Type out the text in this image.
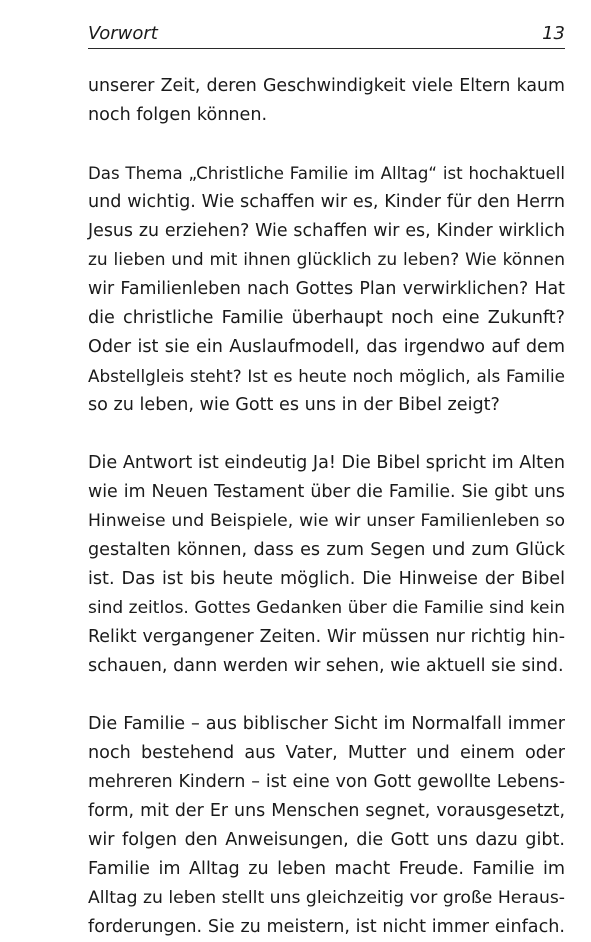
Vorwort	13
unserer Zeit, deren Geschwindigkeit viele Eltern kaum
noch folgen können.
Das Thema „Christliche Familie im Alltag“ ist hochaktuell
und wichtig. Wie schaffen wir es, Kinder für den Herrn
Jesus zu erziehen? Wie schaffen wir es, Kinder wirklich
zu lieben und mit ihnen glücklich zu leben? Wie können
wir Familienleben nach Gottes Plan verwirklichen? Hat
die christliche Familie überhaupt noch eine Zukunft?
Oder ist sie ein Auslaufmodell, das irgendwo auf dem
Abstellgleis steht? Ist es heute noch möglich, als Familie
so zu leben, wie Gott es uns in der Bibel zeigt?
Die Antwort ist eindeutig Ja! Die Bibel spricht im Alten
wie im Neuen Testament über die Familie. Sie gibt uns
Hinweise und Beispiele, wie wir unser Familienleben so
gestalten können, dass es zum Segen und zum Glück
ist. Das ist bis heute möglich. Die Hinweise der Bibel
sind zeitlos. Gottes Gedanken über die Familie sind kein
Relikt vergangener Zeiten. Wir müssen nur richtig hin-
schauen, dann werden wir sehen, wie aktuell sie sind.
Die Familie – aus biblischer Sicht im Normalfall immer
noch bestehend aus Vater, Mutter und einem oder
mehreren Kindern – ist eine von Gott gewollte Lebens-
form, mit der Er uns Menschen segnet, vorausgesetzt,
wir folgen den Anweisungen, die Gott uns dazu gibt.
Familie im Alltag zu leben macht Freude. Familie im
Alltag zu leben stellt uns gleichzeitig vor große Heraus-
forderungen. Sie zu meistern, ist nicht immer einfach.
